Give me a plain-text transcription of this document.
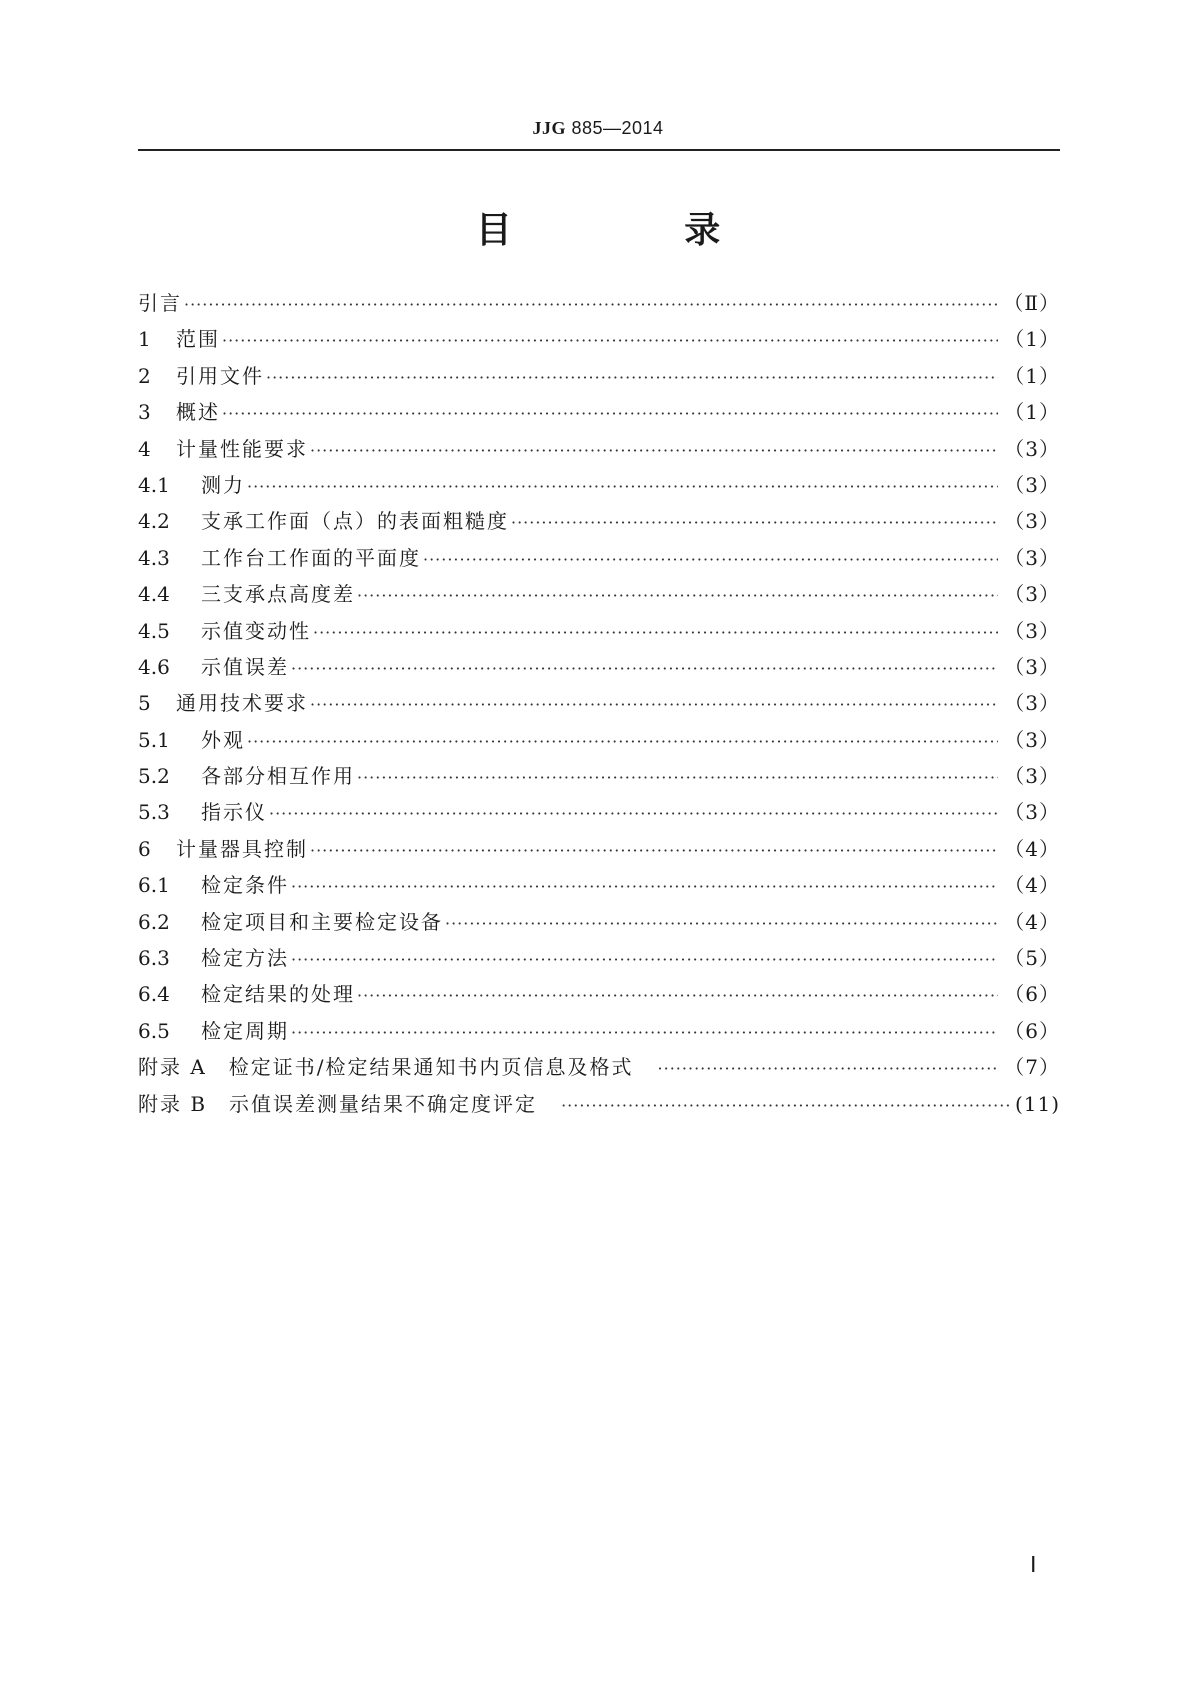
JJG 885—2014
目 录
引言 ·····	（Ⅱ）
1	范围 ·····	（1）
2	引用文件 ·····	（1）
3	概述 ·····	（1）
4	计量性能要求 ·····	（3）
4.1	测力 ·····	（3）
4.2	支承工作面（点）的表面粗糙度 ·····	（3）
4.3	工作台工作面的平面度 ·····	（3）
4.4	三支承点高度差 ·····	（3）
4.5	示值变动性 ·····	（3）
4.6	示值误差 ·····	（3）
5	通用技术要求 ·····	（3）
5.1	外观 ·····	（3）
5.2	各部分相互作用 ·····	（3）
5.3	指示仪 ·····	（3）
6	计量器具控制 ·····	（4）
6.1	检定条件 ·····	（4）
6.2	检定项目和主要检定设备 ·····	（4）
6.3	检定方法 ·····	（5）
6.4	检定结果的处理 ·····	（6）
6.5	检定周期 ·····	（6）
附录 A　检定证书/检定结果通知书内页信息及格式 ·····	（7）
附录 B　示值误差测量结果不确定度评定 ·····	(11)
Ⅰ
